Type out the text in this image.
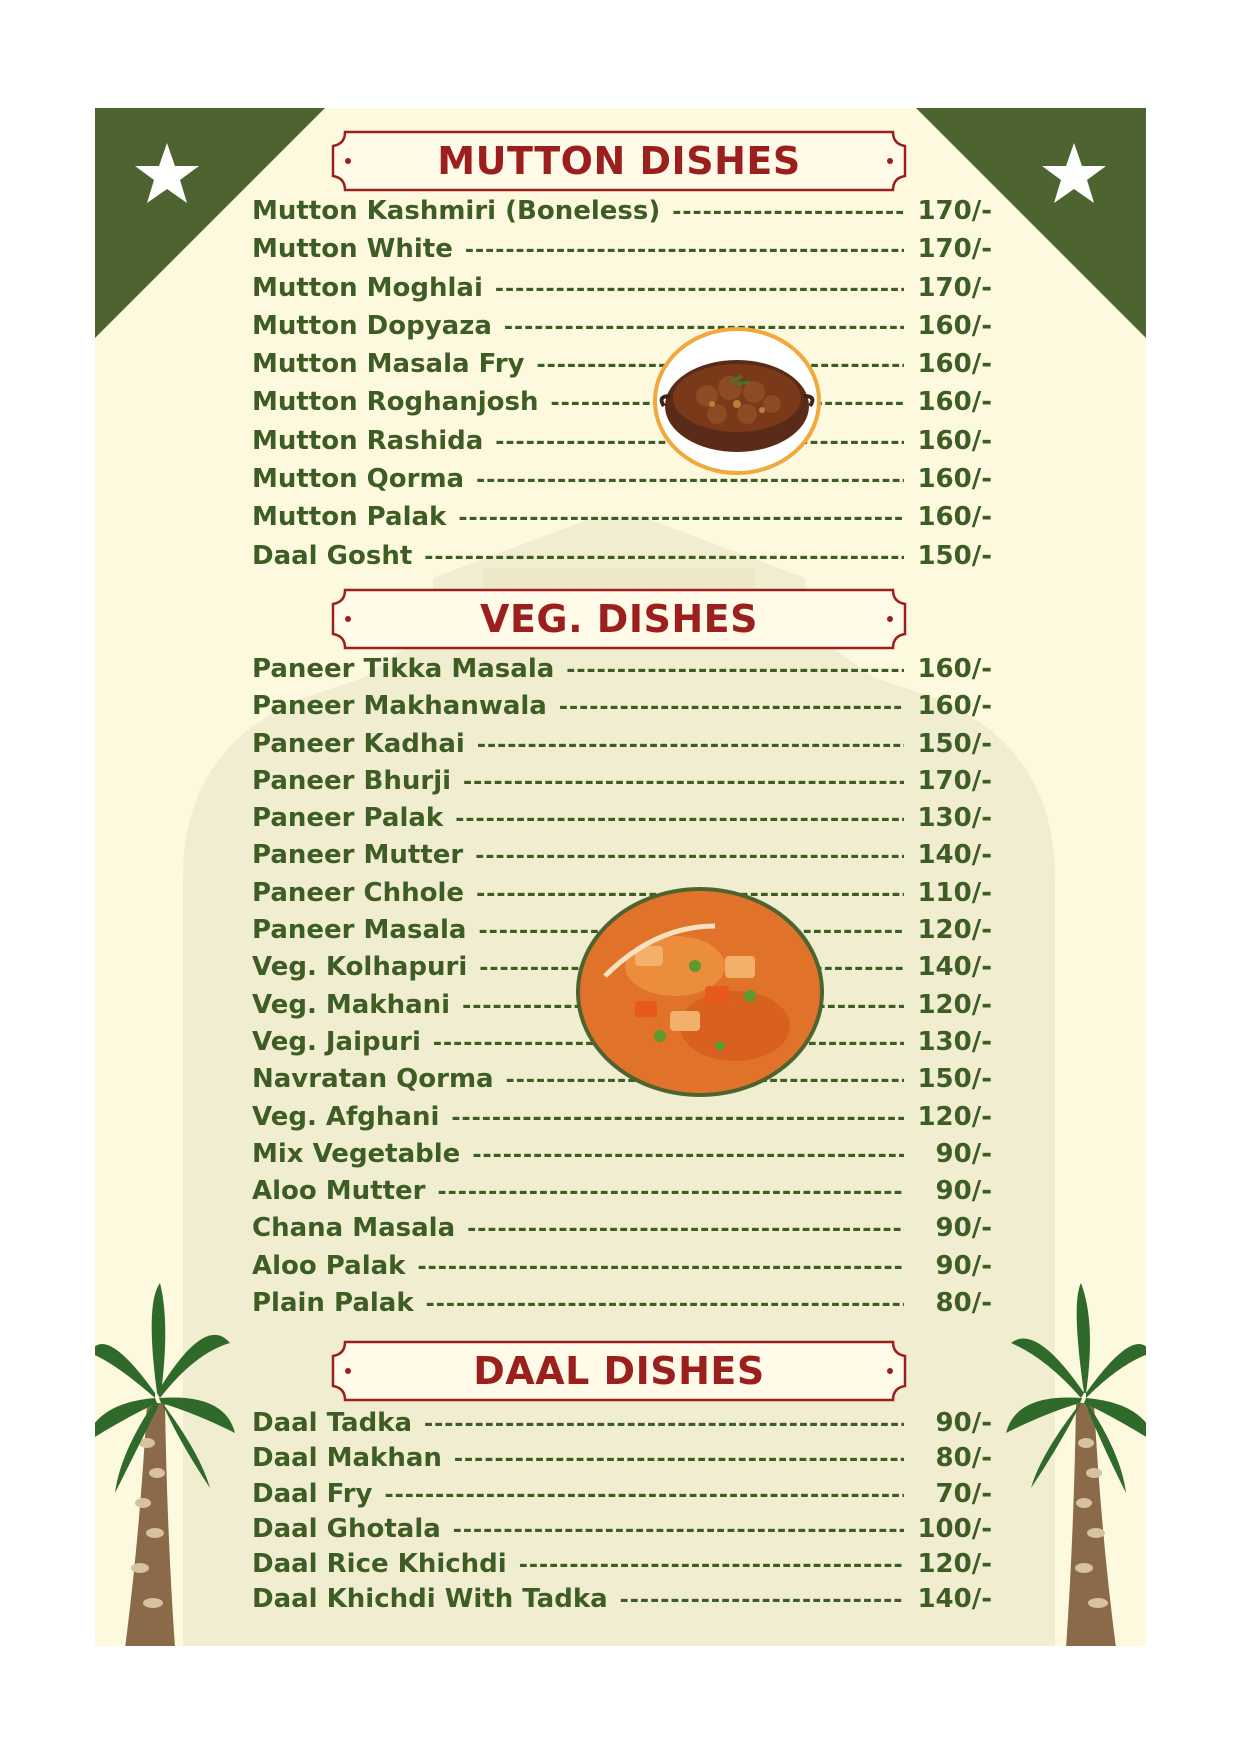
MUTTON DISHES
Mutton Kashmiri (Boneless) -----	170/-
Mutton White -----	170/-
Mutton Moghlai -----	170/-
Mutton Dopyaza -----	160/-
Mutton Masala Fry -----	160/-
Mutton Roghanjosh -----	160/-
Mutton Rashida -----	160/-
Mutton Qorma -----	160/-
Mutton Palak -----	160/-
Daal Gosht -----	150/-
VEG. DISHES
Paneer Tikka Masala -----	160/-
Paneer Makhanwala -----	160/-
Paneer Kadhai -----	150/-
Paneer Bhurji -----	170/-
Paneer Palak -----	130/-
Paneer Mutter -----	140/-
Paneer Chhole -----	110/-
Paneer Masala -----	120/-
Veg. Kolhapuri -----	140/-
Veg. Makhani -----	120/-
Veg. Jaipuri -----	130/-
Navratan Qorma -----	150/-
Veg. Afghani -----	120/-
Mix Vegetable -----	90/-
Aloo Mutter -----	90/-
Chana Masala -----	90/-
Aloo Palak -----	90/-
Plain Palak -----	80/-
DAAL DISHES
Daal Tadka -----	90/-
Daal Makhan -----	80/-
Daal Fry -----	70/-
Daal Ghotala -----	100/-
Daal Rice Khichdi -----	120/-
Daal Khichdi With Tadka -----	140/-
